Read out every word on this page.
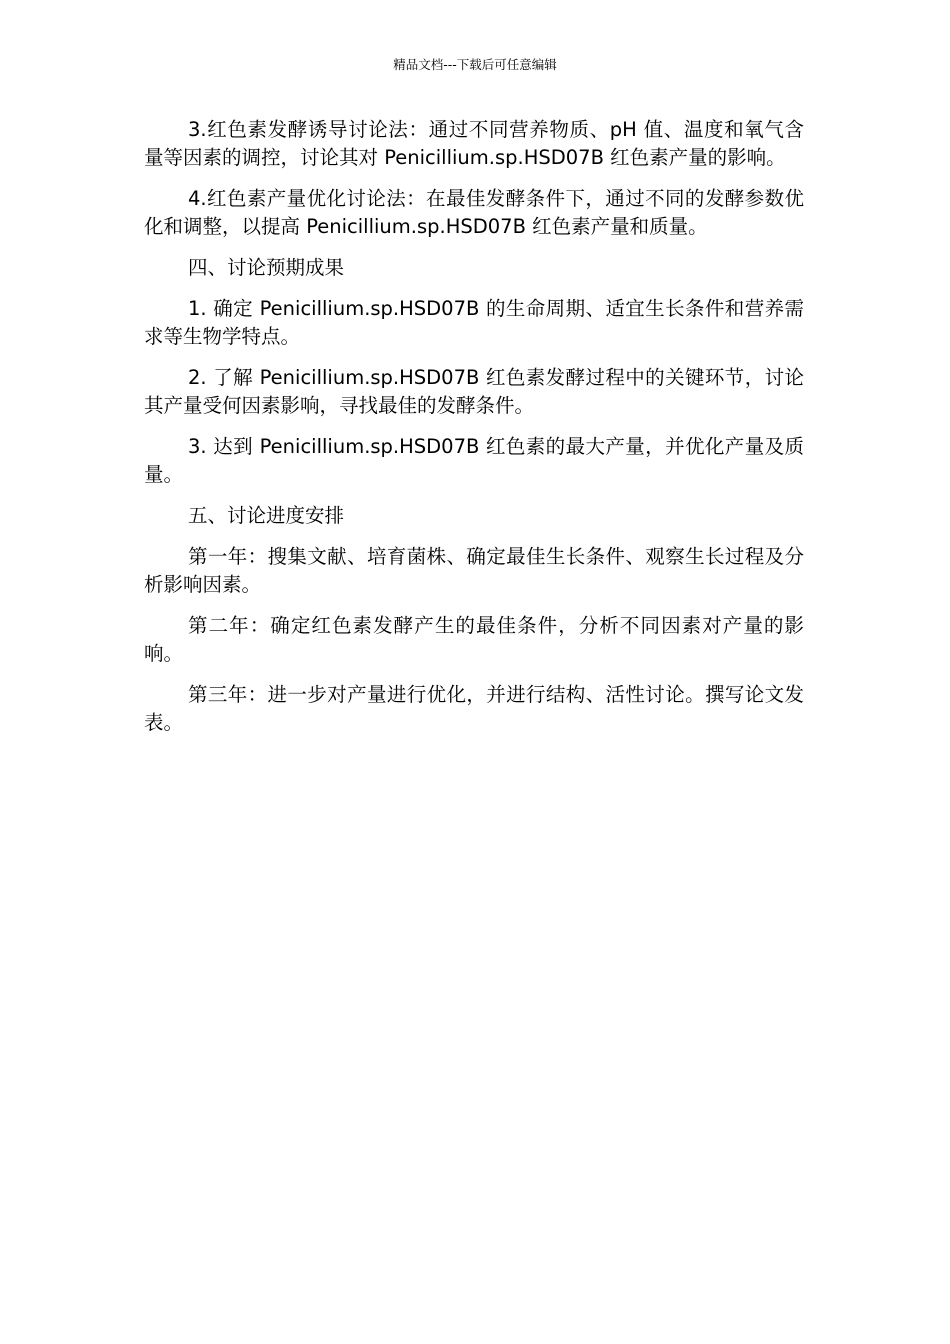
精品文档---下载后可任意编辑

3.红色素发酵诱导讨论法：通过不同营养物质、pH 值、温度和氧气含量等因素的调控，讨论其对 Penicillium.sp.HSD07B 红色素产量的影响。

4.红色素产量优化讨论法：在最佳发酵条件下，通过不同的发酵参数优化和调整，以提高 Penicillium.sp.HSD07B 红色素产量和质量。

四、讨论预期成果

1. 确定 Penicillium.sp.HSD07B 的生命周期、适宜生长条件和营养需求等生物学特点。

2. 了解 Penicillium.sp.HSD07B 红色素发酵过程中的关键环节，讨论其产量受何因素影响，寻找最佳的发酵条件。

3. 达到 Penicillium.sp.HSD07B 红色素的最大产量，并优化产量及质量。

五、讨论进度安排

第一年：搜集文献、培育菌株、确定最佳生长条件、观察生长过程及分析影响因素。

第二年：确定红色素发酵产生的最佳条件，分析不同因素对产量的影响。

第三年：进一步对产量进行优化，并进行结构、活性讨论。撰写论文发表。
